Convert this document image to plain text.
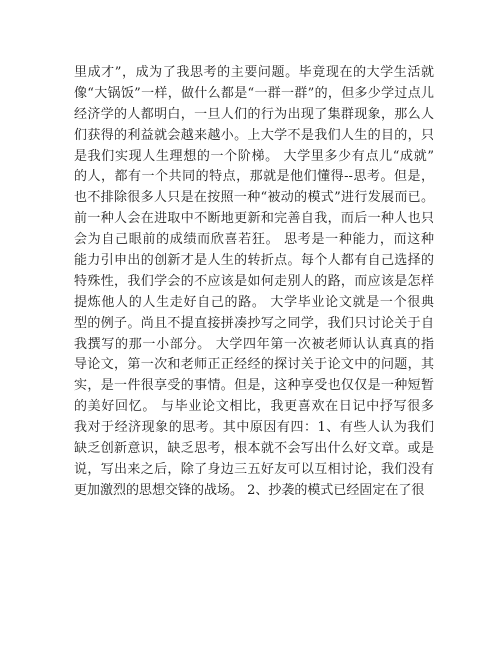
里成才”，成为了我思考的主要问题。毕竟现在的大学生活就
像“大锅饭”一样，做什么都是“一群一群”的，但多少学过点儿
经济学的人都明白，一旦人们的行为出现了集群现象，那么人
们获得的利益就会越来越小。上大学不是我们人生的目的，只
是我们实现人生理想的一个阶梯。 大学里多少有点儿“成就”
的人，都有一个共同的特点，那就是他们懂得--思考。但是，
也不排除很多人只是在按照一种“被动的模式”进行发展而已。
前一种人会在进取中不断地更新和完善自我，而后一种人也只
会为自己眼前的成绩而欣喜若狂。 思考是一种能力，而这种
能力引申出的创新才是人生的转折点。每个人都有自己选择的
特殊性，我们学会的不应该是如何走别人的路，而应该是怎样
提炼他人的人生走好自己的路。 大学毕业论文就是一个很典
型的例子。尚且不提直接拼凑抄写之同学，我们只讨论关于自
我撰写的那一小部分。 大学四年第一次被老师认认真真的指
导论文，第一次和老师正正经经的探讨关于论文中的问题，其
实，是一件很享受的事情。但是，这种享受也仅仅是一种短暂
的美好回忆。 与毕业论文相比，我更喜欢在日记中抒写很多
我对于经济现象的思考。其中原因有四：1、有些人认为我们
缺乏创新意识，缺乏思考，根本就不会写出什么好文章。或是
说，写出来之后，除了身边三五好友可以互相讨论，我们没有
更加激烈的思想交锋的战场。 2、抄袭的模式已经固定在了很
